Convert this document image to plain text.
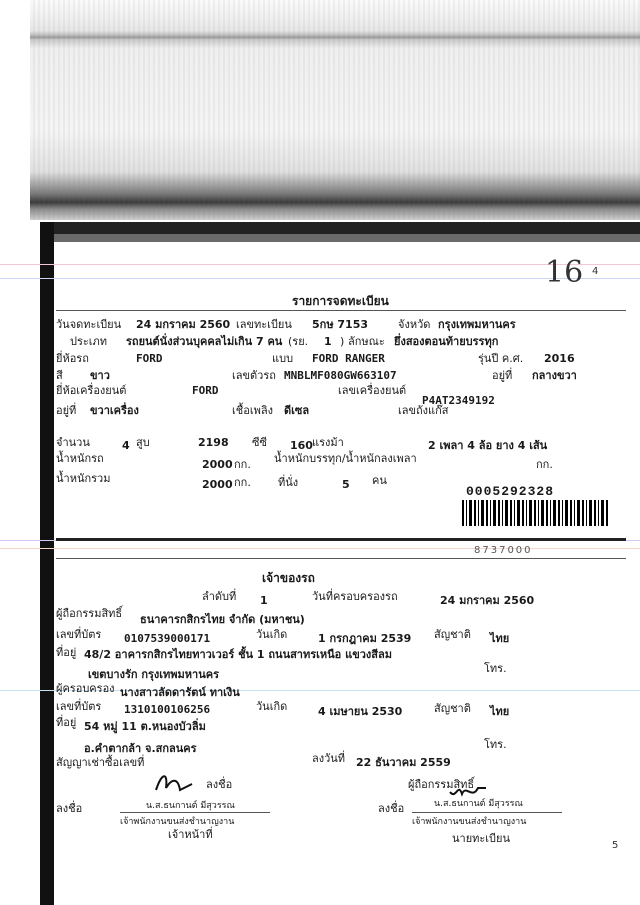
16 4
5
รายการจดทะเบียน
วันจดทะเบียน 24 มกราคม 2560 เลขทะเบียน 5กษ 7153	จังหวัด กรุงเทพมหานคร
ประเภท รถยนต์นั่งส่วนบุคคลไม่เกิน 7 คน (รย. 1 ) ลักษณะ ยึ่งสองตอนท้ายบรรทุก
ยี่ห้อรถ	FORD	แบบ FORD RANGER	รุ่นปี ค.ศ. 2016
สี ขาว	เลขตัวรถ MNBLMF080GW663107	อยู่ที่ กลางขวา
ยี่ห้อเครื่องยนต์	FORD	เลขเครื่องยนต์
P4AT2349192
อยู่ที่ ขวาเครื่อง	เชื้อเพลิง ดีเซล	เลขถังแก๊ส
จำนวน	4 สูบ	2198 ซีซี 160 แรงม้า	2 เพลา 4 ล้อ ยาง 4 เส้น
น้ำหนักรถ	2000 กก. น้ำหนักบรรทุก/น้ำหนักลงเพลา	กก.
น้ำหนักรวม	2000 กก. ที่นั่ง	5 คน
0005292328
8737000
เจ้าของรถ
ลำดับที่ 1	วันที่ครอบครองรถ	24 มกราคม 2560
ผู้ถือกรรมสิทธิ์ ธนาคารกสิกรไทย จำกัด (มหาชน)
เลขที่บัตร 0107539000171	วันเกิด	1 กรกฎาคม 2539 สัญชาติ ไทย
ที่อยู่ 48/2 อาคารกสิกรไทยทาวเวอร์ ชั้น 1 ถนนสาทรเหนือ แขวงสีลม
เขตบางรัก กรุงเทพมหานคร	โทร.
ผู้ครอบครอง นางสาวลัดดารัตน์ ทาเงิน
เลขที่บัตร 1310100106256	วันเกิด	4 เมษายน 2530	สัญชาติ ไทย
ที่อยู่ 54 หมู่ 11 ต.หนองบัวลิ่ม
อ.คำตากล้า จ.สกลนคร	โทร.
สัญญาเช่าซื้อเลขที่	ลงวันที่ 22 ธันวาคม 2559
ลงชื่อ	ผู้ถือกรรมสิทธิ์
ลงชื่อ	น.ส.ธนกานต์ มีสุวรรณ	ลงชื่อ	น.ส.ธนกานต์ มีสุวรรณ
เจ้าพนักงานขนส่งชำนาญงาน	เจ้าพนักงานขนส่งชำนาญงาน
เจ้าหน้าที่	นายทะเบียน
